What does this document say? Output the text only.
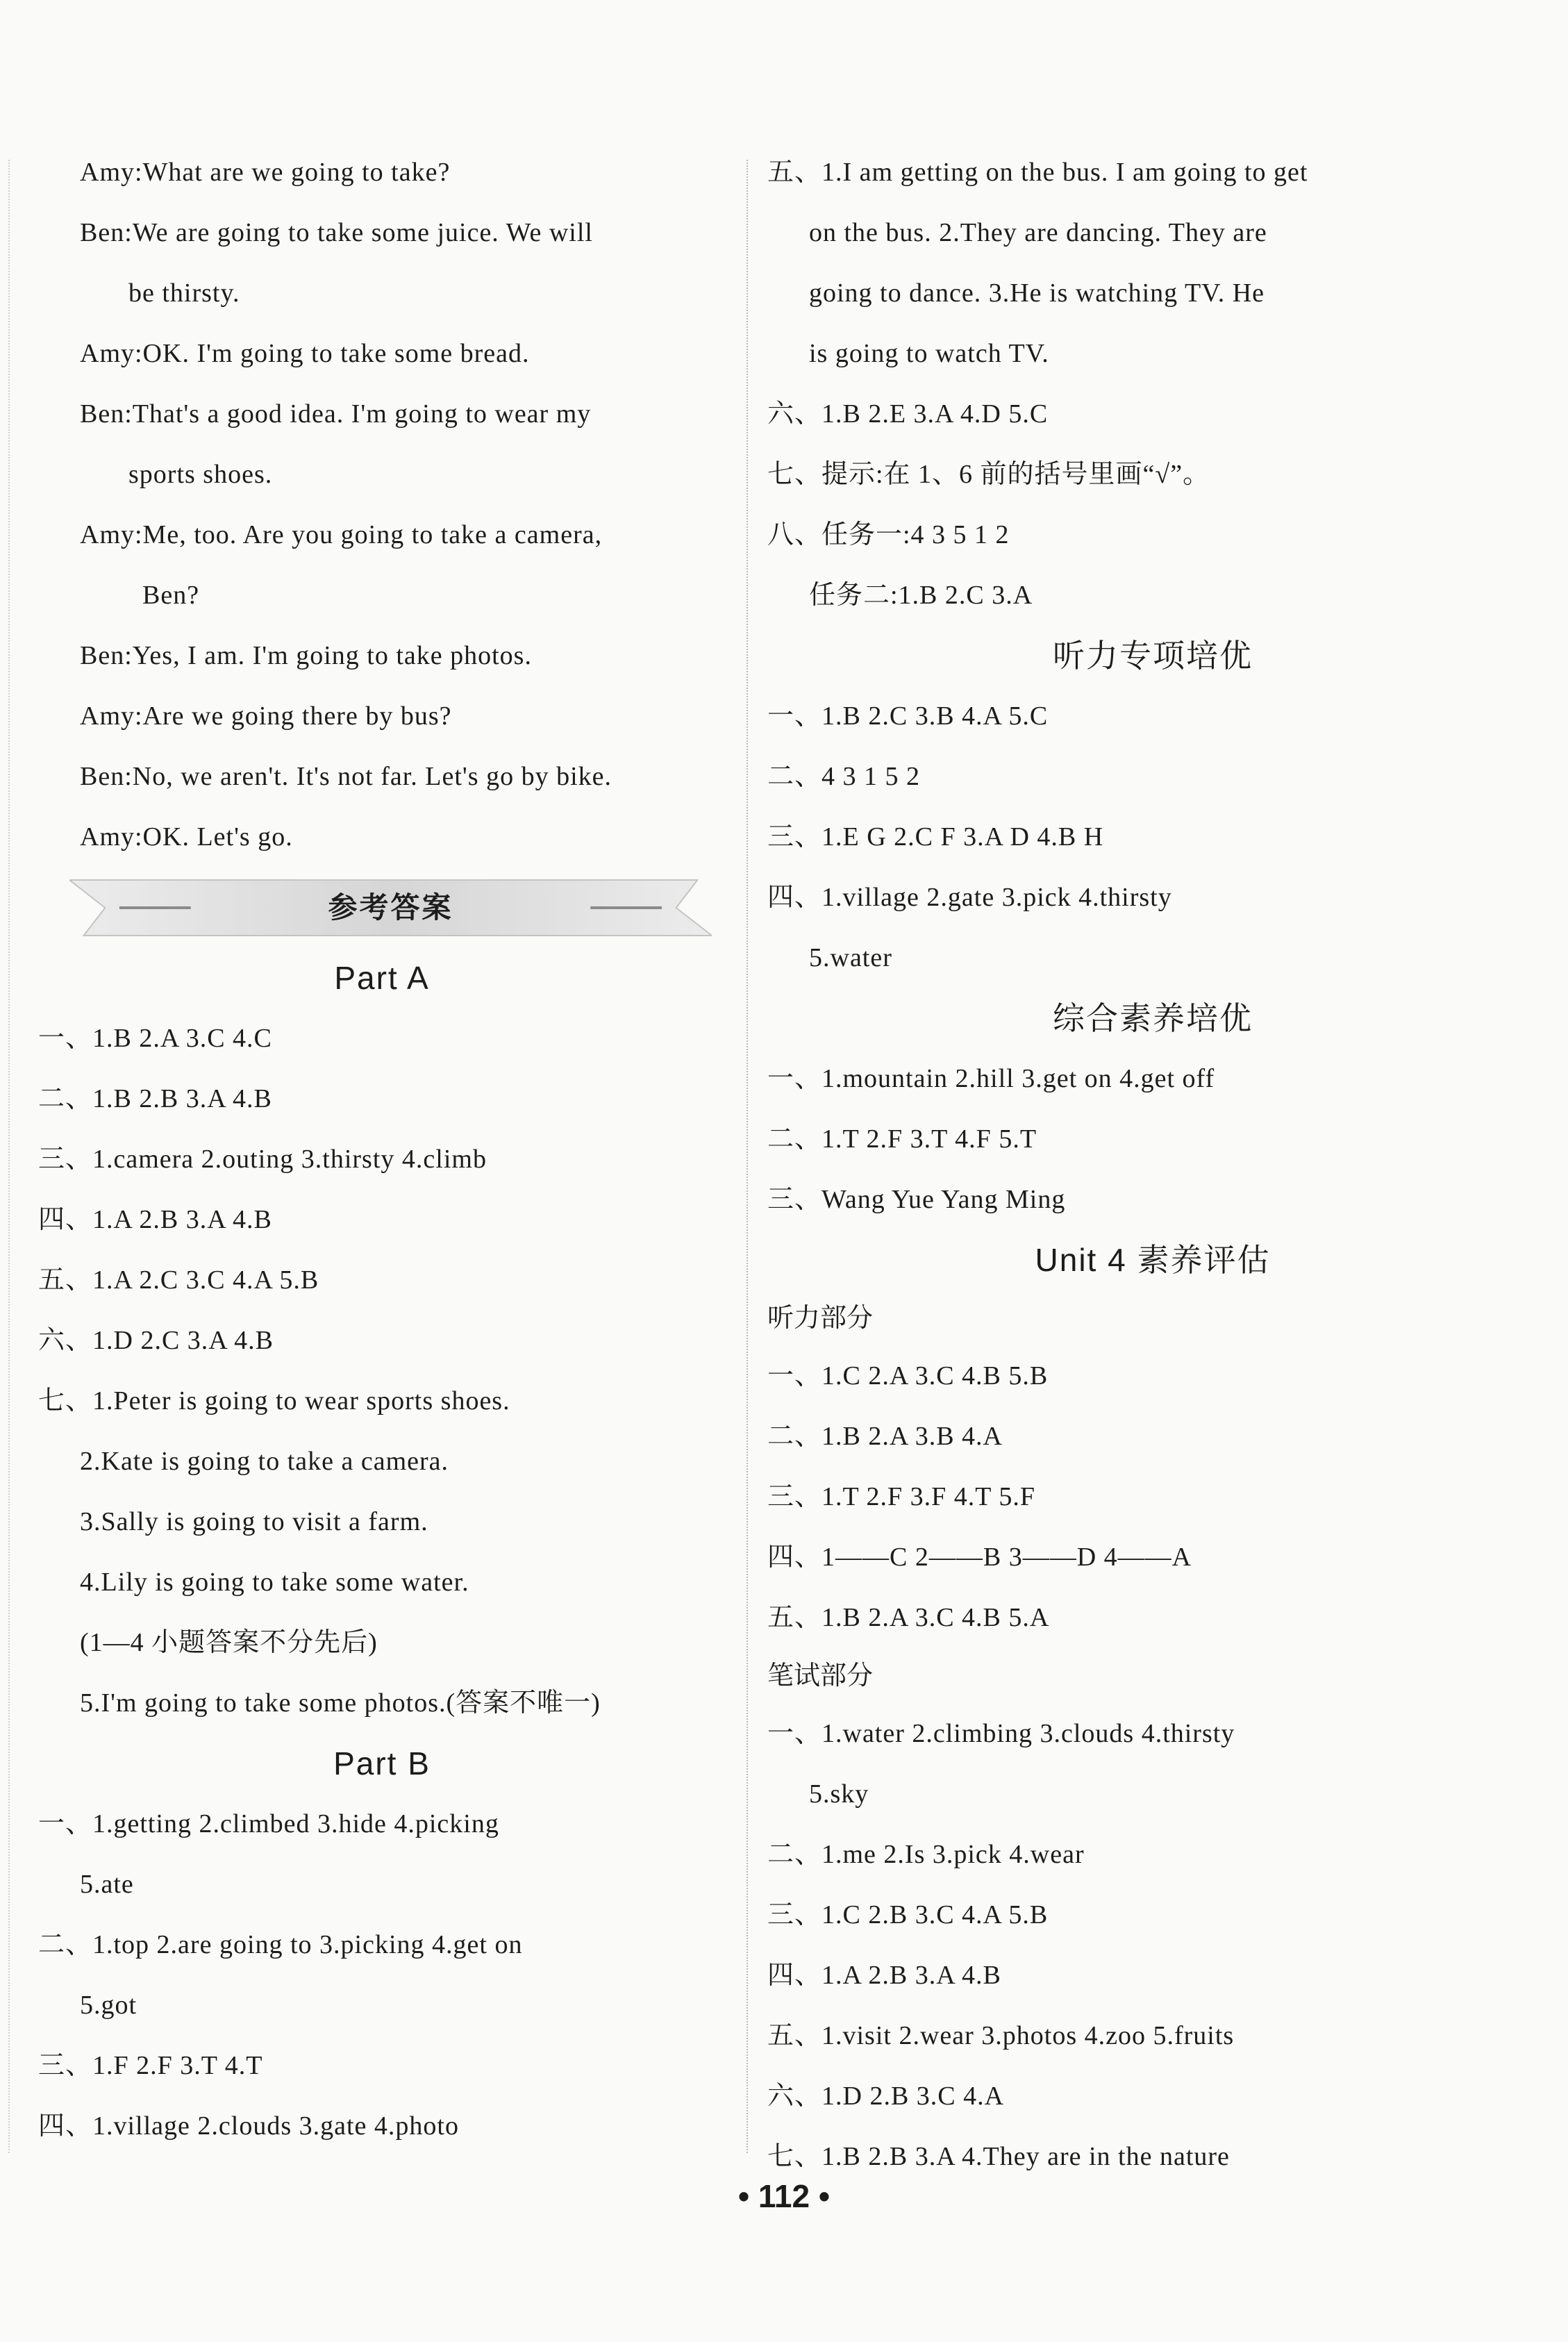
Amy:What are we going to take?
Ben:We are going to take some juice. We will
be thirsty.
Amy:OK. I'm going to take some bread.
Ben:That's a good idea. I'm going to wear my
sports shoes.
Amy:Me, too. Are you going to take a camera,
Ben?
Ben:Yes, I am. I'm going to take photos.
Amy:Are we going there by bus?
Ben:No, we aren't. It's not far. Let's go by bike.
Amy:OK. Let's go.
参考答案
Part A
一、1.B 2.A 3.C 4.C
二、1.B 2.B 3.A 4.B
三、1.camera 2.outing 3.thirsty 4.climb
四、1.A 2.B 3.A 4.B
五、1.A 2.C 3.C 4.A 5.B
六、1.D 2.C 3.A 4.B
七、1.Peter is going to wear sports shoes.
2.Kate is going to take a camera.
3.Sally is going to visit a farm.
4.Lily is going to take some water.
(1—4 小题答案不分先后)
5.I'm going to take some photos.(答案不唯一)
Part B
一、1.getting 2.climbed 3.hide 4.picking
5.ate
二、1.top 2.are going to 3.picking 4.get on
5.got
三、1.F 2.F 3.T 4.T
四、1.village 2.clouds 3.gate 4.photo
五、1.I am getting on the bus. I am going to get
on the bus. 2.They are dancing. They are
going to dance. 3.He is watching TV. He
is going to watch TV.
六、1.B 2.E 3.A 4.D 5.C
七、提示:在 1、6 前的括号里画“√”。
八、任务一:4 3 5 1 2
任务二:1.B 2.C 3.A
听力专项培优
一、1.B 2.C 3.B 4.A 5.C
二、4 3 1 5 2
三、1.E G 2.C F 3.A D 4.B H
四、1.village 2.gate 3.pick 4.thirsty
5.water
综合素养培优
一、1.mountain 2.hill 3.get on 4.get off
二、1.T 2.F 3.T 4.F 5.T
三、Wang Yue Yang Ming
Unit 4 素养评估
听力部分
一、1.C 2.A 3.C 4.B 5.B
二、1.B 2.A 3.B 4.A
三、1.T 2.F 3.F 4.T 5.F
四、1——C 2——B 3——D 4——A
五、1.B 2.A 3.C 4.B 5.A
笔试部分
一、1.water 2.climbing 3.clouds 4.thirsty
5.sky
二、1.me 2.Is 3.pick 4.wear
三、1.C 2.B 3.C 4.A 5.B
四、1.A 2.B 3.A 4.B
五、1.visit 2.wear 3.photos 4.zoo 5.fruits
六、1.D 2.B 3.C 4.A
七、1.B 2.B 3.A 4.They are in the nature
• 112 •
